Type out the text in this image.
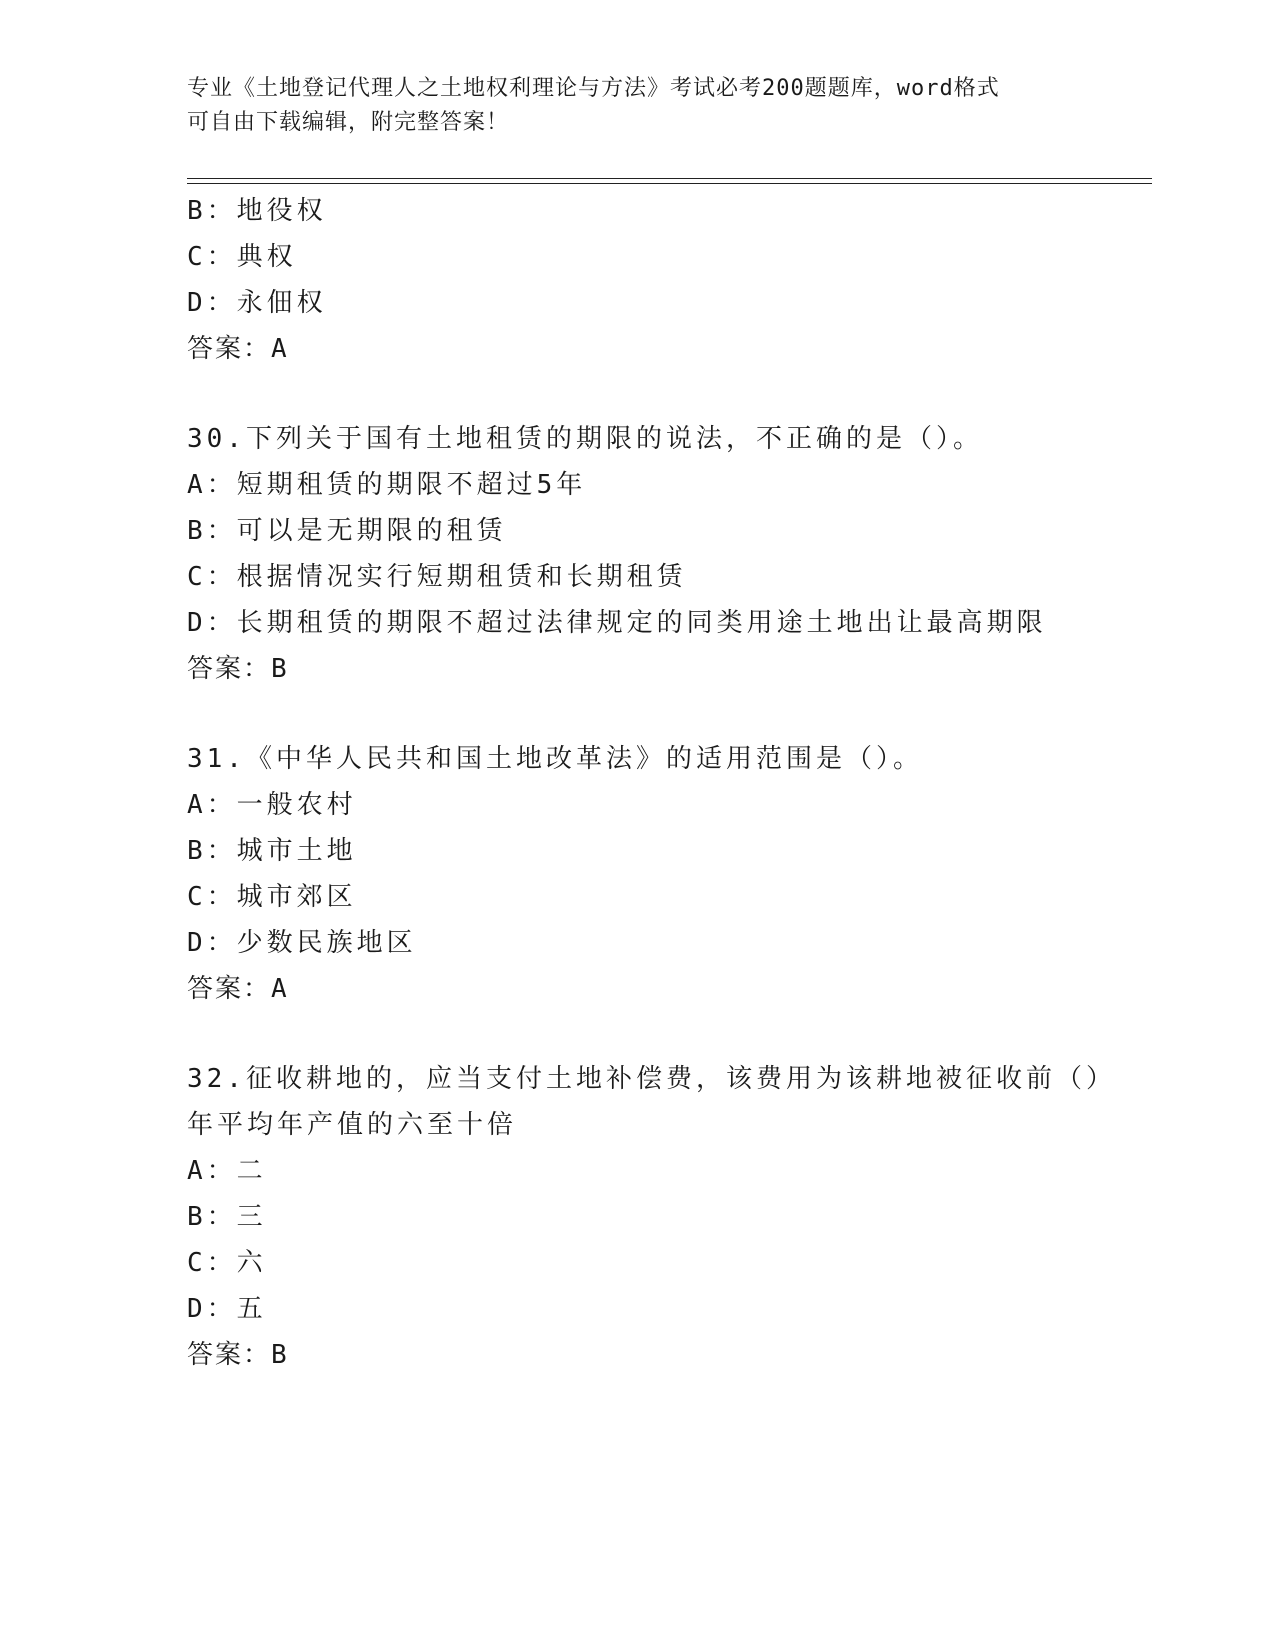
专业《土地登记代理人之土地权利理论与方法》考试必考200题题库，word格式
可自由下载编辑，附完整答案！
B：地役权
C：典权
D：永佃权
答案：A
30.下列关于国有土地租赁的期限的说法，不正确的是（）。
A：短期租赁的期限不超过5年
B：可以是无期限的租赁
C：根据情况实行短期租赁和长期租赁
D：长期租赁的期限不超过法律规定的同类用途土地出让最高期限
答案：B
31.《中华人民共和国土地改革法》的适用范围是（）。
A：一般农村
B：城市土地
C：城市郊区
D：少数民族地区
答案：A
32.征收耕地的，应当支付土地补偿费，该费用为该耕地被征收前（）
年平均年产值的六至十倍
A：二
B：三
C：六
D：五
答案：B
